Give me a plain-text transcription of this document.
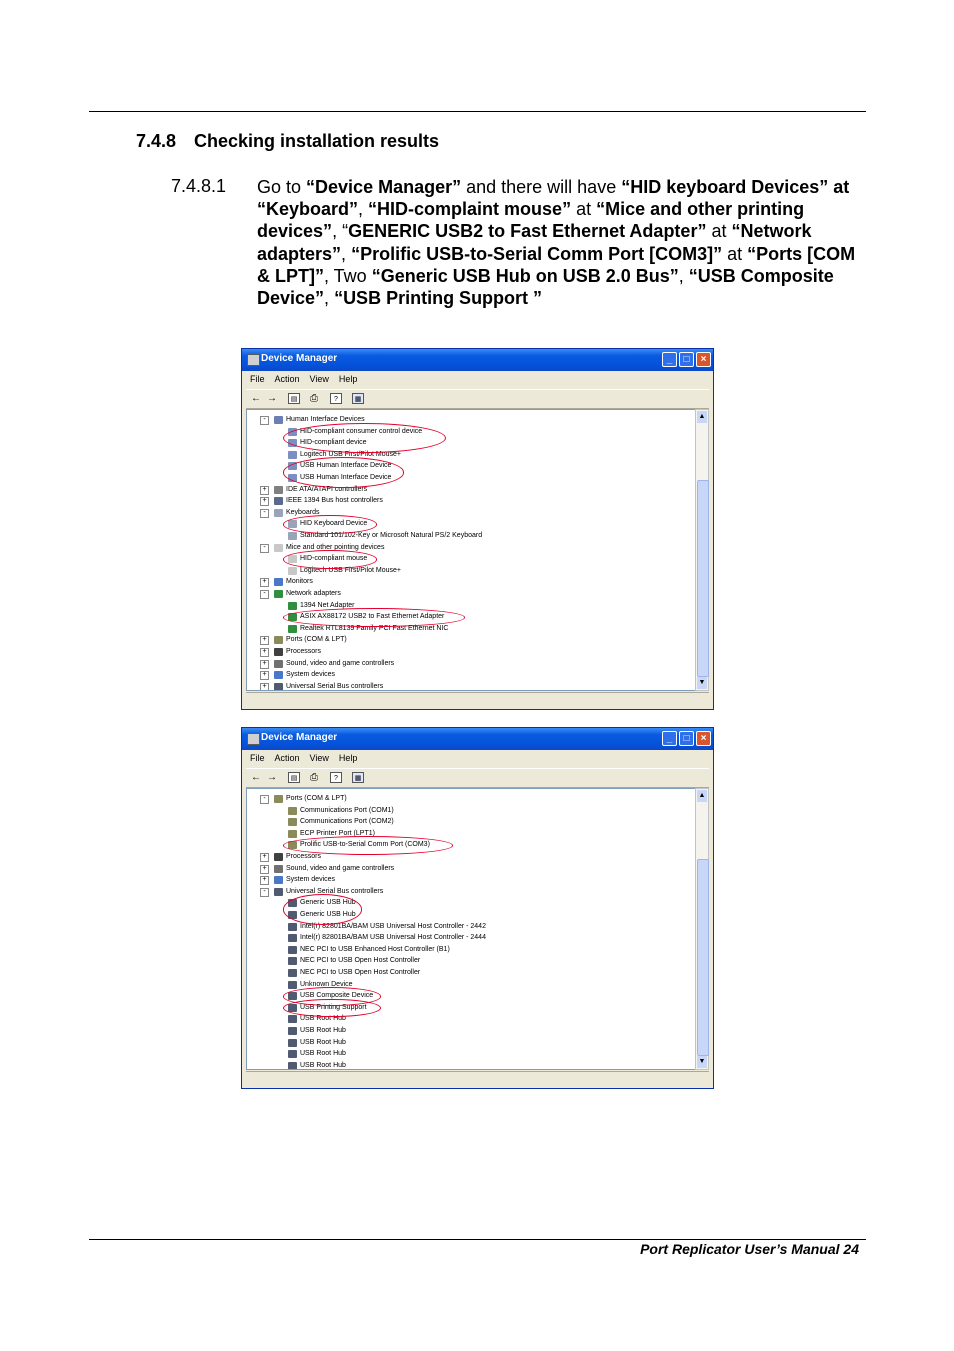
7.4.8 Checking installation results
7.4.8.1 Go to “Device Manager” and there will have “HID keyboard Devices” at “Keyboard”, “HID-complaint mouse” at “Mice and other printing devices”, “GENERIC USB2 to Fast Ethernet Adapter” at “Network adapters”, “Prolific USB-to-Serial Comm Port [COM3]” at “Ports [COM & LPT]”, Two “Generic USB Hub on USB 2.0 Bus”, “USB Composite Device”, “USB Printing Support ”
Device Manager	_	□	×
File Action View Help
← →	▤ ⎙	?	▦
-	Human Interface Devices
HID-compliant consumer control device
HID-compliant device
Logitech USB First/Pilot Mouse+
USB Human Interface Device
USB Human Interface Device
+	IDE ATA/ATAPI controllers
+	IEEE 1394 Bus host controllers
-	Keyboards
HID Keyboard Device
Standard 101/102-Key or Microsoft Natural PS/2 Keyboard
-	Mice and other pointing devices
HID-compliant mouse
Logitech USB First/Pilot Mouse+
+	Monitors
-	Network adapters
1394 Net Adapter
ASIX AX88172 USB2 to Fast Ethernet Adapter
Realtek RTL8139 Family PCI Fast Ethernet NIC
+	Ports (COM & LPT)
+	Processors
+	Sound, video and game controllers
+	System devices
+	Universal Serial Bus controllers
▲
▼
Device Manager	_	□	×
File Action View Help
← →	▤ ⎙	?	▦
-	Ports (COM & LPT)
Communications Port (COM1)
Communications Port (COM2)
ECP Printer Port (LPT1)
Prolific USB-to-Serial Comm Port (COM3)
+	Processors
+	Sound, video and game controllers
+	System devices
-	Universal Serial Bus controllers
Generic USB Hub
Generic USB Hub
Intel(r) 82801BA/BAM USB Universal Host Controller - 2442
Intel(r) 82801BA/BAM USB Universal Host Controller - 2444
NEC PCI to USB Enhanced Host Controller (B1)
NEC PCI to USB Open Host Controller
NEC PCI to USB Open Host Controller
Unknown Device
USB Composite Device
USB Printing Support
USB Root Hub
USB Root Hub
USB Root Hub
USB Root Hub
USB Root Hub
▲
▼
Port Replicator User’s Manual 24
